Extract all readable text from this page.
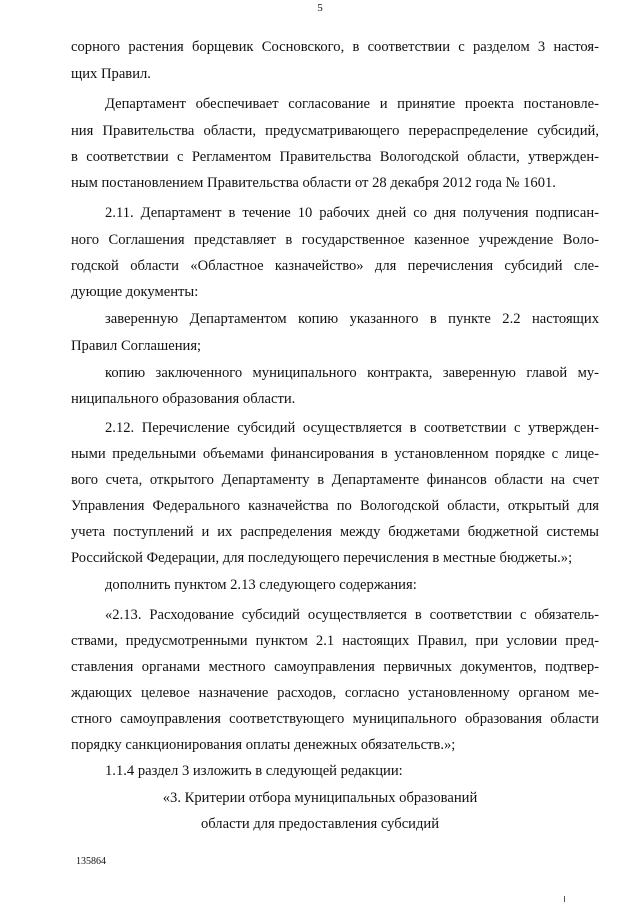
5
сорного растения борщевик Сосновского, в соответствии с разделом 3 настоя-
щих Правил.
Департамент обеспечивает согласование и принятие проекта постановле-
ния Правительства области, предусматривающего перераспределение субсидий,
в соответствии с Регламентом Правительства Вологодской области, утвержден-
ным постановлением Правительства области от 28 декабря 2012 года № 1601.
2.11. Департамент в течение 10 рабочих дней со дня получения подписан-
ного Соглашения представляет в государственное казенное учреждение Воло-
годской области «Областное казначейство» для перечисления субсидий сле-
дующие документы:
заверенную Департаментом копию указанного в пункте 2.2 настоящих
Правил Соглашения;
копию заключенного муниципального контракта, заверенную главой му-
ниципального образования области.
2.12. Перечисление субсидий осуществляется в соответствии с утвержден-
ными предельными объемами финансирования в установленном порядке с лице-
вого счета, открытого Департаменту в Департаменте финансов области на счет
Управления Федерального казначейства по Вологодской области, открытый для
учета поступлений и их распределения между бюджетами бюджетной системы
Российской Федерации, для последующего перечисления в местные бюджеты.»;
дополнить пунктом 2.13 следующего содержания:
«2.13. Расходование субсидий осуществляется в соответствии с обязатель-
ствами, предусмотренными пунктом 2.1 настоящих Правил, при условии пред-
ставления органами местного самоуправления первичных документов, подтвер-
ждающих целевое назначение расходов, согласно установленному органом ме-
стного самоуправления соответствующего муниципального образования области
порядку санкционирования оплаты денежных обязательств.»;
1.1.4 раздел 3 изложить в следующей редакции:
«3. Критерии отбора муниципальных образований
области для предоставления субсидий
135864
